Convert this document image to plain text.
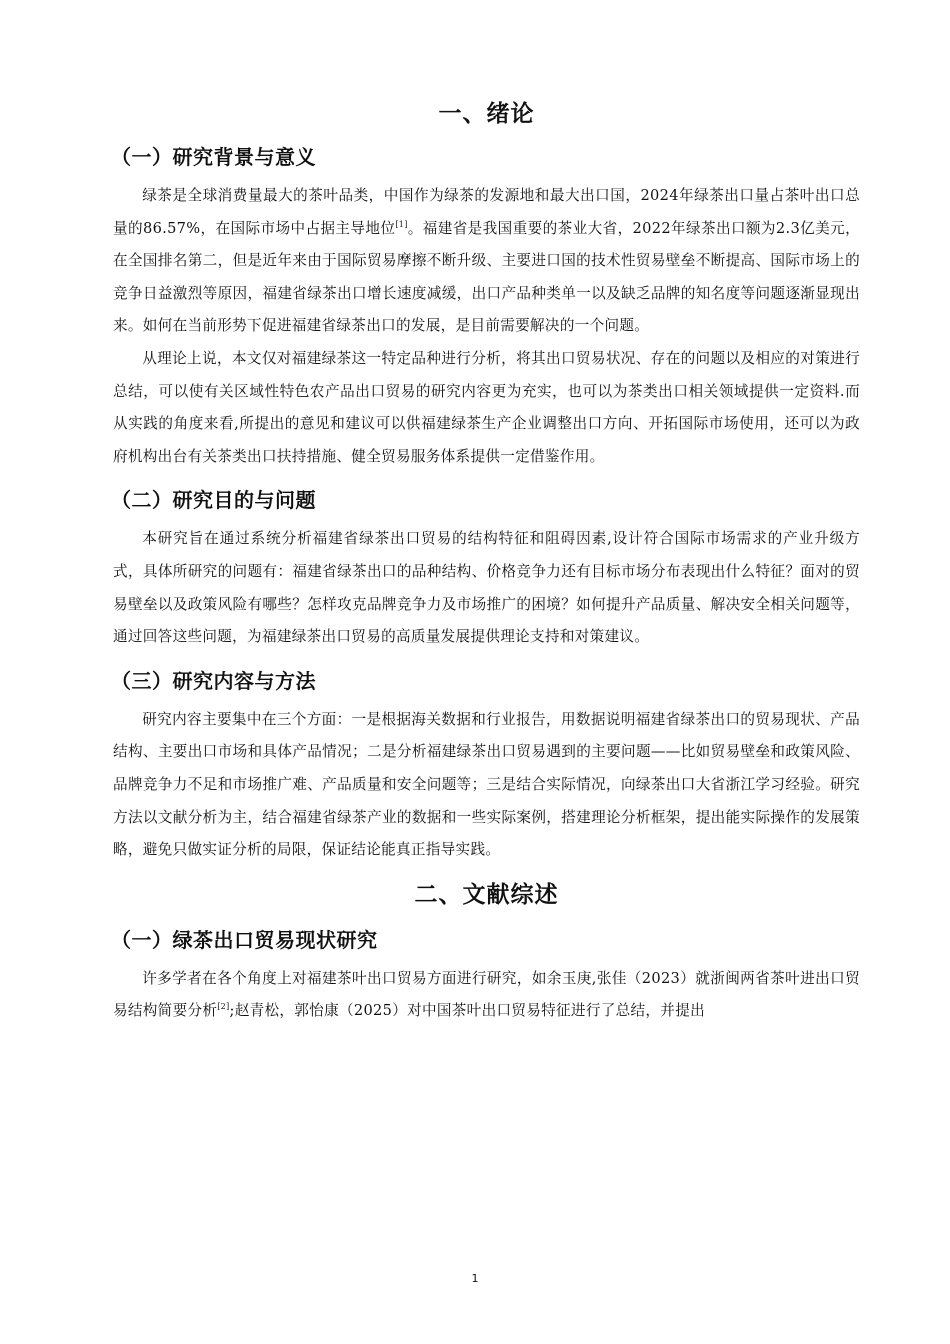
一、绪论
（一）研究背景与意义

绿茶是全球消费量最大的茶叶品类，中国作为绿茶的发源地和最大出口国，2024年绿茶出口量占茶叶出口总量的86.57%，在国际市场中占据主导地位[1]。福建省是我国重要的茶业大省，2022年绿茶出口额为2.3亿美元，在全国排名第二，但是近年来由于国际贸易摩擦不断升级、主要进口国的技术性贸易壁垒不断提高、国际市场上的竞争日益激烈等原因，福建省绿茶出口增长速度减缓，出口产品种类单一以及缺乏品牌的知名度等问题逐渐显现出来。如何在当前形势下促进福建省绿茶出口的发展，是目前需要解决的一个问题。

从理论上说，本文仅对福建绿茶这一特定品种进行分析，将其出口贸易状况、存在的问题以及相应的对策进行总结，可以使有关区域性特色农产品出口贸易的研究内容更为充实，也可以为茶类出口相关领域提供一定资料.而从实践的角度来看,所提出的意见和建议可以供福建绿茶生产企业调整出口方向、开拓国际市场使用，还可以为政府机构出台有关茶类出口扶持措施、健全贸易服务体系提供一定借鉴作用。

（二）研究目的与问题

本研究旨在通过系统分析福建省绿茶出口贸易的结构特征和阻碍因素,设计符合国际市场需求的产业升级方式，具体所研究的问题有：福建省绿茶出口的品种结构、价格竞争力还有目标市场分布表现出什么特征？面对的贸易壁垒以及政策风险有哪些？怎样攻克品牌竞争力及市场推广的困境？如何提升产品质量、解决安全相关问题等，通过回答这些问题，为福建绿茶出口贸易的高质量发展提供理论支持和对策建议。

（三）研究内容与方法

研究内容主要集中在三个方面：一是根据海关数据和行业报告，用数据说明福建省绿茶出口的贸易现状、产品结构、主要出口市场和具体产品情况；二是分析福建绿茶出口贸易遇到的主要问题——比如贸易壁垒和政策风险、品牌竞争力不足和市场推广难、产品质量和安全问题等；三是结合实际情况，向绿茶出口大省浙江学习经验。研究方法以文献分析为主，结合福建省绿茶产业的数据和一些实际案例，搭建理论分析框架，提出能实际操作的发展策略，避免只做实证分析的局限，保证结论能真正指导实践。

二、文献综述
（一）绿茶出口贸易现状研究

许多学者在各个角度上对福建茶叶出口贸易方面进行研究，如余玉庚,张佳（2023）就浙闽两省茶叶进出口贸易结构简要分析[2];赵青松，郭怡康（2025）对中国茶叶出口贸易特征进行了总结，并提出

1
